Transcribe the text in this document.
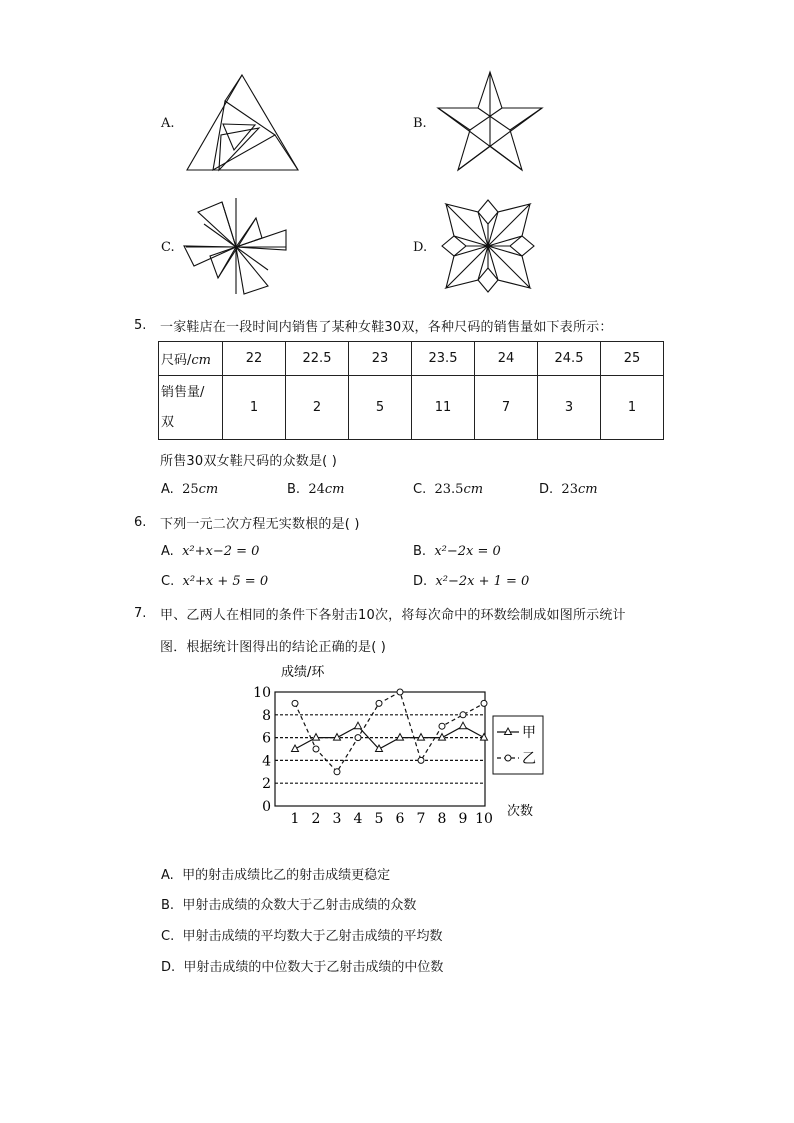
A.	B.
C.	D.
5. 一家鞋店在一段时间内销售了某种女鞋30双，各种尺码的销售量如下表所示：
尺码/cm	22	22.5	23	23.5	24	24.5	25

销售量/
双	1	2	5	11	7	3	1
所售30双女鞋尺码的众数是( )
A. 25cm	B. 24cm	C. 23.5cm	D. 23cm
6. 下列一元二次方程无实数根的是( )
A. x²+x−2 = 0	B. x²−2x = 0
C. x²+x + 5 = 0	D. x²−2x + 1 = 0
7. 甲、乙两人在相同的条件下各射击10次，将每次命中的环数绘制成如图所示统计
图．根据统计图得出的结论正确的是( )
0
2
4
6
8
10
1 2 3 4 5 6 7 8 9 10
成绩/环
次数
甲
乙
A. 甲的射击成绩比乙的射击成绩更稳定
B. 甲射击成绩的众数大于乙射击成绩的众数
C. 甲射击成绩的平均数大于乙射击成绩的平均数
D. 甲射击成绩的中位数大于乙射击成绩的中位数
